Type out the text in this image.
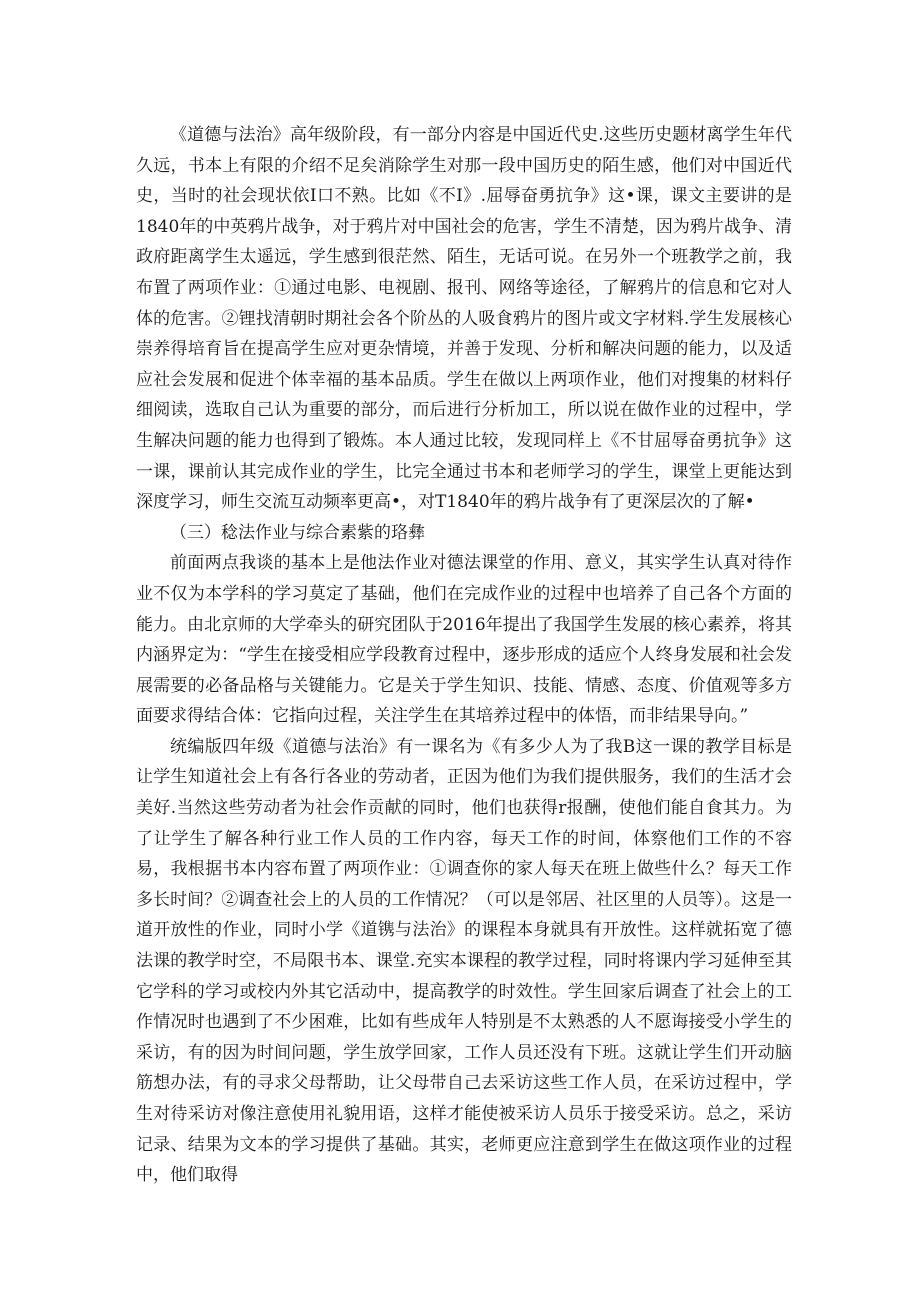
《道德与法治》高年级阶段，有一部分内容是中国近代史.这些历史题材离学生年代久远，书本上有限的介绍不足矣消除学生对那一段中国历史的陌生感，他们对中国近代史，当时的社会现状依I口不熟。比如《不I》.屈辱奋勇抗争》这•课，课文主要讲的是1840年的中英鸦片战争，对于鸦片对中国社会的危害，学生不清楚，因为鸦片战争、清政府距离学生太遥远，学生感到很茫然、陌生，无话可说。在另外一个班教学之前，我布置了两项作业：①通过电影、电视剧、报刊、网络等途径，了解鸦片的信息和它对人体的危害。②锂找清朝时期社会各个阶丛的人吸食鸦片的图片或文字材料.学生发展核心崇养得培育旨在提高学生应对更杂情境，并善于发现、分析和解决问题的能力，以及适应社会发展和促进个体幸福的基本品质。学生在做以上两项作业，他们对搜集的材料仔细阅读，选取自己认为重要的部分，而后进行分析加工，所以说在做作业的过程中，学生解决问题的能力也得到了锻炼。本人通过比较，发现同样上《不甘屈辱奋勇抗争》这一课，课前认其完成作业的学生，比完全通过书本和老师学习的学生，课堂上更能达到深度学习，师生交流互动频率更高•，对T1840年的鸦片战争有了更深层次的了解•

（三）稔法作业与综合素紫的珞彝

前面两点我谈的基本上是他法作业对德法课堂的作用、意义，其实学生认真对待作业不仅为本学科的学习莫定了基础，他们在完成作业的过程中也培养了自己各个方面的能力。由北京师的大学牵头的研究团队于2016年提出了我国学生发展的核心素养，将其内涵界定为：“学生在接受相应学段教育过程中，逐步形成的适应个人终身发展和社会发展需要的必备品格与关键能力。它是关于学生知识、技能、情感、态度、价值观等多方面要求得结合体：它指向过程，关注学生在其培养过程中的体悟，而非结果导向。”

统编版四年级《道德与法治》有一课名为《有多少人为了我B这一课的教学目标是让学生知道社会上有各行各业的劳动者，正因为他们为我们提供服务，我们的生活才会美好.当然这些劳动者为社会作贡献的同时，他们也获得r报酬，使他们能自食其力。为了让学生了解各种行业工作人员的工作内容，每天工作的时间，体察他们工作的不容易，我根据书本内容布置了两项作业：①调查你的家人每天在班上做些什么？每天工作多长时间？②调查社会上的人员的工作情况？（可以是邻居、社区里的人员等）。这是一道开放性的作业，同时小学《道镌与法治》的课程本身就具有开放性。这样就拓宽了德法课的教学时空，不局限书本、课堂.充实本课程的教学过程，同时将课内学习延伸至其它学科的学习或校内外其它活动中，提高教学的时效性。学生回家后调查了社会上的工作情况时也遇到了不少困难，比如有些成年人特别是不太熟悉的人不愿诲接受小学生的采访，有的因为时间问题，学生放学回家，工作人员还没有下班。这就让学生们开动脑筋想办法，有的寻求父母帮助，让父母带自己去采访这些工作人员，在采访过程中，学生对待采访对像注意使用礼貌用语，这样才能使被采访人员乐于接受采访。总之，采访记录、结果为文本的学习提供了基础。其实，老师更应注意到学生在做这项作业的过程中，他们取得
